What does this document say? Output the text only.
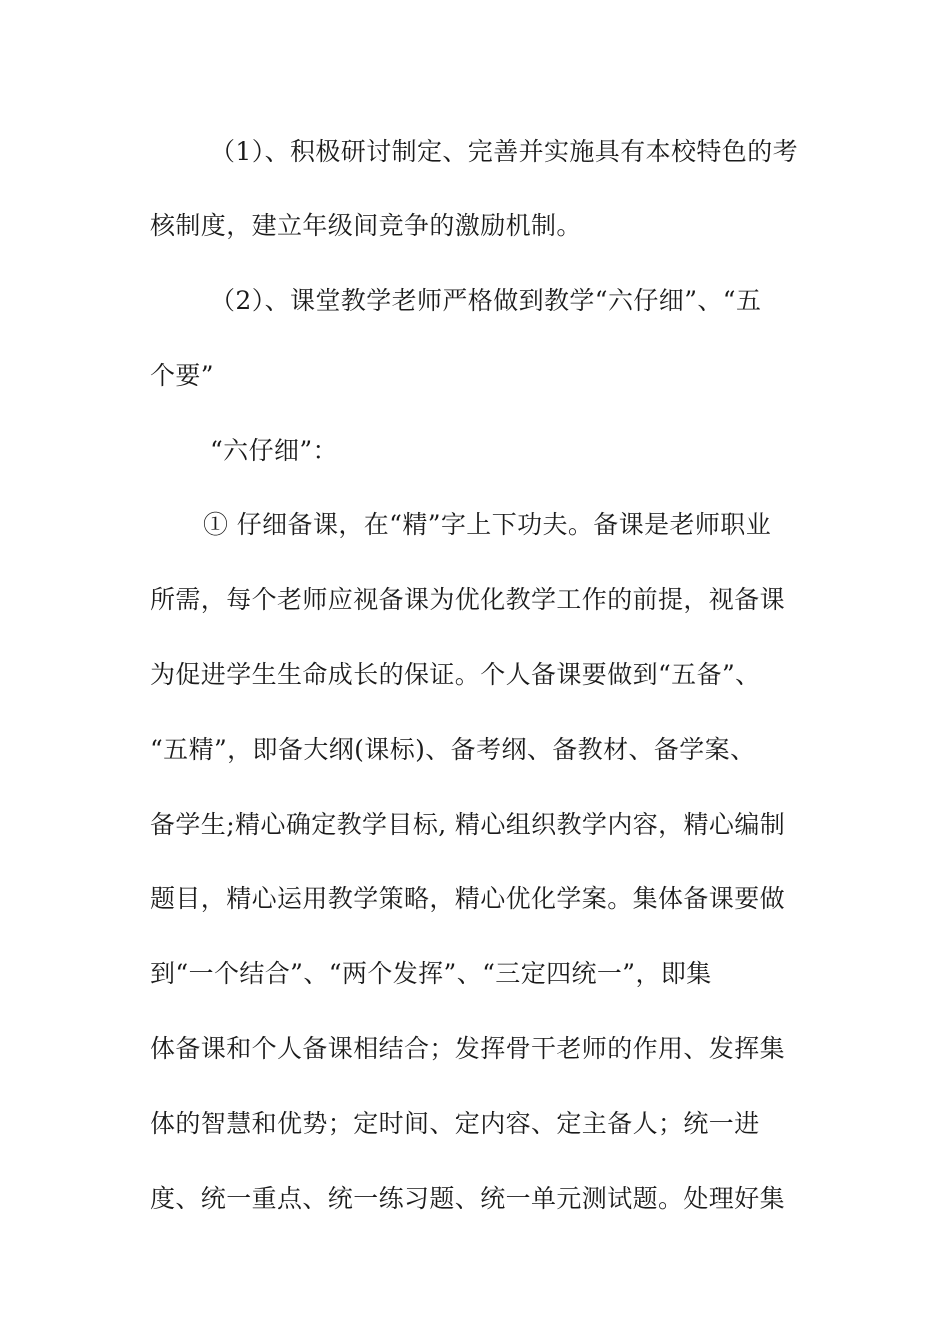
（1）、积极研讨制定、完善并实施具有本校特色的考
核制度，建立年级间竞争的激励机制。
（2）、课堂教学老师严格做到教学“六仔细”、“五
个要”
“六仔细”：
① 仔细备课，在“精”字上下功夫。备课是老师职业
所需，每个老师应视备课为优化教学工作的前提，视备课
为促进学生生命成长的保证。个人备课要做到“五备”、
“五精”，即备大纲(课标)、备考纲、备教材、备学案、
备学生;精心确定教学目标, 精心组织教学内容，精心编制
题目，精心运用教学策略，精心优化学案。集体备课要做
到“一个结合”、“两个发挥”、“三定四统一”，即集
体备课和个人备课相结合；发挥骨干老师的作用、发挥集
体的智慧和优势；定时间、定内容、定主备人；统一进
度、统一重点、统一练习题、统一单元测试题。处理好集
